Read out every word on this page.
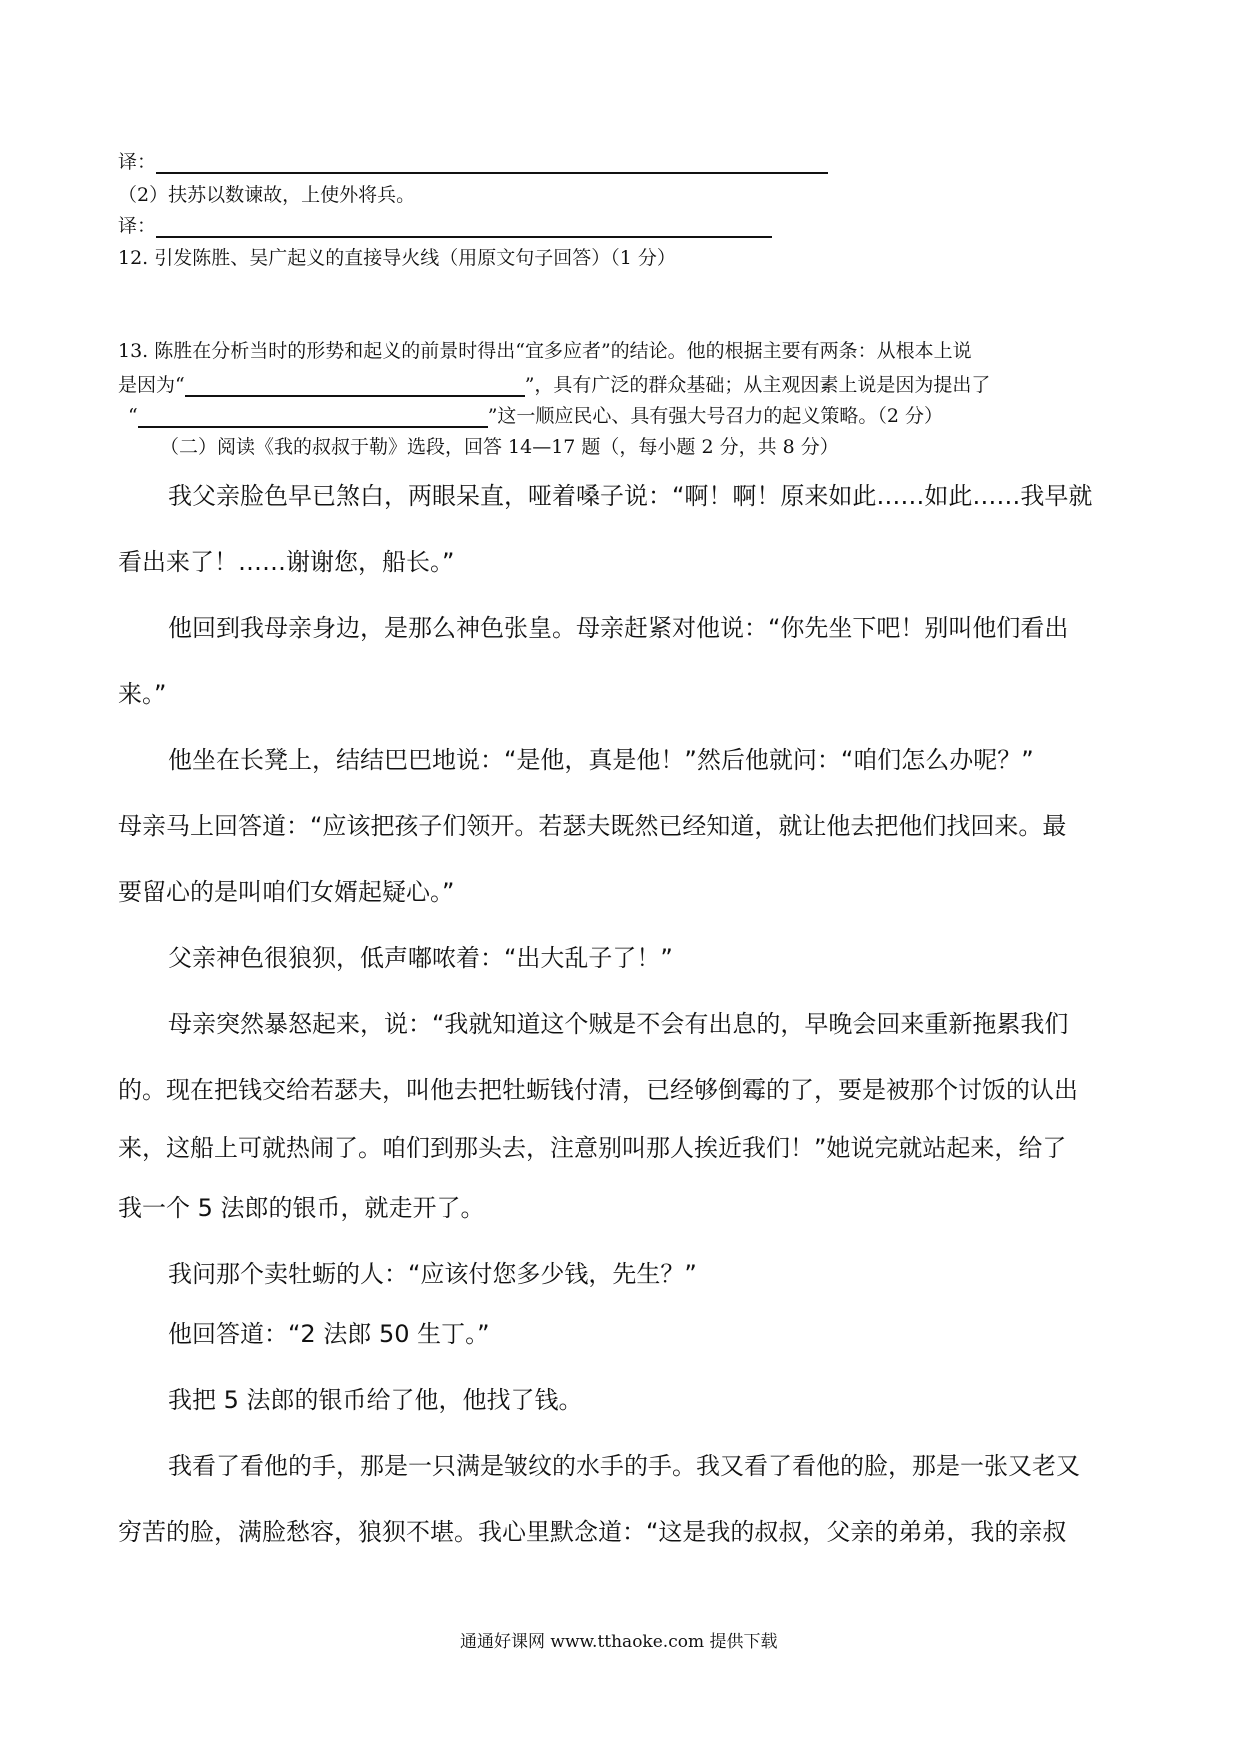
译：
（2）扶苏以数谏故，上使外将兵。
译：
12. 引发陈胜、吴广起义的直接导火线（用原文句子回答）（1 分）
13. 陈胜在分析当时的形势和起义的前景时得出“宜多应者”的结论。他的根据主要有两条：从根本上说
是因为“	”，具有广泛的群众基础；从主观因素上说是因为提出了
“	”这一顺应民心、具有强大号召力的起义策略。（2 分）
（二）阅读《我的叔叔于勒》选段，回答 14—17 题（，每小题 2 分，共 8 分）
我父亲脸色早已煞白，两眼呆直，哑着嗓子说：“啊！啊！原来如此……如此……我早就
看出来了！……谢谢您，船长。”
他回到我母亲身边，是那么神色张皇。母亲赶紧对他说：“你先坐下吧！别叫他们看出
来。”
他坐在长凳上，结结巴巴地说：“是他，真是他！”然后他就问：“咱们怎么办呢？”
母亲马上回答道：“应该把孩子们领开。若瑟夫既然已经知道，就让他去把他们找回来。最
要留心的是叫咱们女婿起疑心。”
父亲神色很狼狈，低声嘟哝着：“出大乱子了！”
母亲突然暴怒起来，说：“我就知道这个贼是不会有出息的，早晚会回来重新拖累我们
的。现在把钱交给若瑟夫，叫他去把牡蛎钱付清，已经够倒霉的了，要是被那个讨饭的认出
来，这船上可就热闹了。咱们到那头去，注意别叫那人挨近我们！”她说完就站起来，给了
我一个 5 法郎的银币，就走开了。
我问那个卖牡蛎的人：“应该付您多少钱，先生？”
他回答道：“2 法郎 50 生丁。”
我把 5 法郎的银币给了他，他找了钱。
我看了看他的手，那是一只满是皱纹的水手的手。我又看了看他的脸，那是一张又老又
穷苦的脸，满脸愁容，狼狈不堪。我心里默念道：“这是我的叔叔，父亲的弟弟，我的亲叔
通通好课网 www.tthaoke.com 提供下载
